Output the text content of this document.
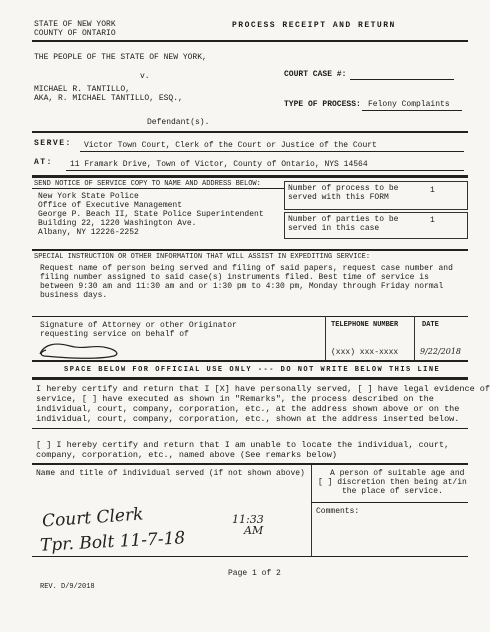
STATE OF NEW YORK
COUNTY OF ONTARIO
PROCESS RECEIPT AND RETURN
THE PEOPLE OF THE STATE OF NEW YORK,
v.	COURT CASE #:
MICHAEL R. TANTILLO,
AKA, R. MICHAEL TANTILLO, ESQ.,
TYPE OF PROCESS: Felony Complaints
Defendant(s).
SERVE: Victor Town Court, Clerk of the Court or Justice of the Court
AT: 11 Framark Drive, Town of Victor, County of Ontario, NYS 14564
SEND NOTICE OF SERVICE COPY TO NAME AND ADDRESS BELOW:
New York State Police
Office of Executive Management
George P. Beach II, State Police Superintendent
Building 22, 1220 Washington Ave.
Albany, NY 12226-2252
Number of process to be
served with this FORM
1
Number of parties to be
served in this case
1
SPECIAL INSTRUCTION OR OTHER INFORMATION THAT WILL ASSIST IN EXPEDITING SERVICE:
Request name of person being served and filing of said papers, request case number and
filing number assigned to said case(s) instruments filed. Best time of service is
between 9:30 am and 11:30 am and or 1:30 pm to 4:30 pm, Monday through Friday normal
business days.
Signature of Attorney or other Originator
requesting service on behalf of
TELEPHONE NUMBER	DATE
(xxx) xxx-xxxx	9/22/2018
SPACE BELOW FOR OFFICIAL USE ONLY --- DO NOT WRITE BELOW THIS LINE
I hereby certify and return that I [X] have personally served, [ ] have legal evidence of
service, [ ] have executed as shown in "Remarks", the process described on the
individual, court, company, corporation, etc., at the address shown above or on the
individual, court, company, corporation, etc., shown at the address inserted below.
[ ] I hereby certify and return that I am unable to locate the individual, court,
company, corporation, etc., named above (See remarks below)
Name and title of individual served (if not shown above)	A person of suitable age and
[ ] discretion then being at/in
the place of service.
Comments:
Court Clerk	11:33
AM
Tpr. Bolt 11-7-18
Page 1 of 2
REV. D/9/2018
